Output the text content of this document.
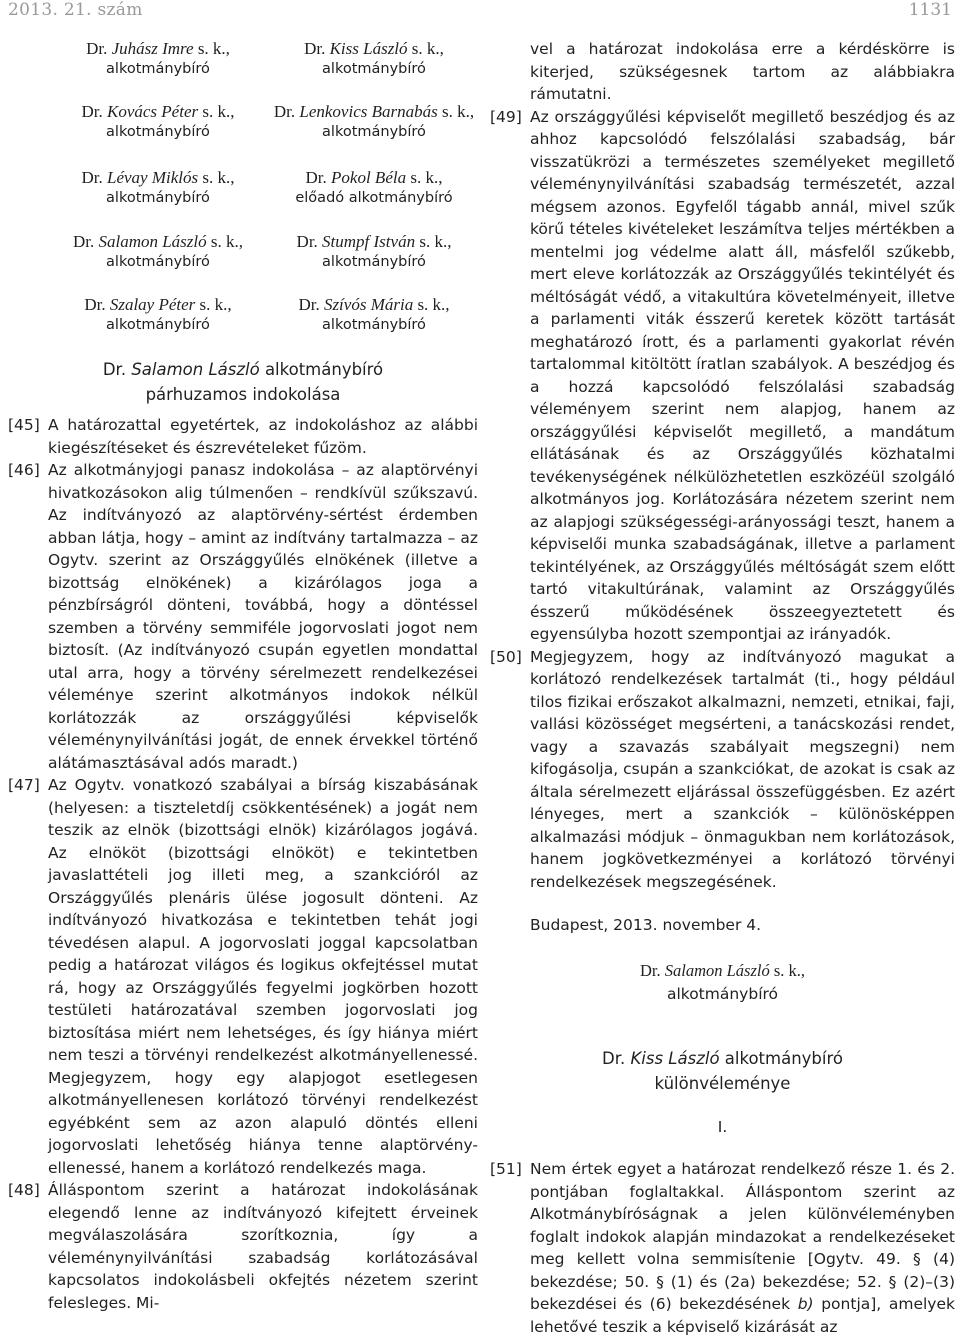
2013. 21. szám	1131
Dr. Juhász Imre s. k.,
alkotmánybíró
Dr. Kovács Péter s. k.,
alkotmánybíró
Dr. Lévay Miklós s. k.,
alkotmánybíró
Dr. Salamon László s. k.,
alkotmánybíró
Dr. Szalay Péter s. k.,
alkotmánybíró
Dr. Kiss László s. k.,
alkotmánybíró
Dr. Lenkovics Barnabás s. k.,
alkotmánybíró
Dr. Pokol Béla s. k.,
előadó alkotmánybíró
Dr. Stumpf István s. k.,
alkotmánybíró
Dr. Szívós Mária s. k.,
alkotmánybíró
Dr. Salamon László alkotmánybíró
párhuzamos indokolása
[45] A határozattal egyetértek, az indokoláshoz az alábbi kiegészítéseket és észrevételeket fűzöm.
[46] Az alkotmányjogi panasz indokolása – az alaptörvényi hivatkozásokon alig túlmenően – rendkívül szűkszavú. Az indítványozó az alaptörvény-sértést érdemben abban látja, hogy – amint az indítvány tartalmazza – az Ogytv. szerint az Országgyűlés elnökének (illetve a bizottság elnökének) a kizárólagos joga a pénzbírságról dönteni, továbbá, hogy a döntéssel szemben a törvény semmiféle jogorvoslati jogot nem biztosít. (Az indítványozó csupán egyetlen mondattal utal arra, hogy a törvény sérelmezett rendelkezései véleménye szerint alkotmányos indokok nélkül korlátozzák az országgyűlési képviselők véleménynyilvánítási jogát, de ennek érvekkel történő alátámasztásával adós maradt.)
[47] Az Ogytv. vonatkozó szabályai a bírság kiszabásának (helyesen: a tiszteletdíj csökkentésének) a jogát nem teszik az elnök (bizottsági elnök) kizárólagos jogává. Az elnököt (bizottsági elnököt) e tekintetben javaslattételi jog illeti meg, a szankcióról az Országgyűlés plenáris ülése jogosult dönteni. Az indítványozó hivatkozása e tekintetben tehát jogi tévedésen alapul. A jogorvoslati joggal kapcsolatban pedig a határozat világos és logikus okfejtéssel mutat rá, hogy az Országgyűlés fegyelmi jogkörben hozott testületi határozatával szemben jogorvoslati jog biztosítása miért nem lehetséges, és így hiánya miért nem teszi a törvényi rendelkezést alkotmányellenessé. Megjegyzem, hogy egy alapjogot esetlegesen alkotmányellenesen korlátozó törvényi rendelkezést egyébként sem az azon alapuló döntés elleni jogorvoslati lehetőség hiánya tenne alaptörvény-ellenessé, hanem a korlátozó rendelkezés maga.
[48] Álláspontom szerint a határozat indokolásának elegendő lenne az indítványozó kifejtett érveinek megválaszolására szorítkoznia, így a véleménynyilvánítási szabadság korlátozásával kapcsolatos indokolásbeli okfejtés nézetem szerint felesleges. Mi-
vel a határozat indokolása erre a kérdéskörre is kiterjed, szükségesnek tartom az alábbiakra rámutatni.
[49] Az országgyűlési képviselőt megillető beszédjog és az ahhoz kapcsolódó felszólalási szabadság, bár visszatükrözi a természetes személyeket megillető véleménynyilvánítási szabadság természetét, azzal mégsem azonos. Egyfelől tágabb annál, mivel szűk körű tételes kivételeket leszámítva teljes mértékben a mentelmi jog védelme alatt áll, másfelől szűkebb, mert eleve korlátozzák az Országgyűlés tekintélyét és méltóságát védő, a vitakultúra követelményeit, illetve a parlamenti viták ésszerű keretek között tartását meghatározó írott, és a parlamenti gyakorlat révén tartalommal kitöltött íratlan szabályok. A beszédjog és a hozzá kapcsolódó felszólalási szabadság véleményem szerint nem alapjog, hanem az országgyűlési képviselőt megillető, a mandátum ellátásának és az Országgyűlés közhatalmi tevékenységének nélkülözhetetlen eszközéül szolgáló alkotmányos jog. Korlátozására nézetem szerint nem az alapjogi szükségességi-arányossági teszt, hanem a képviselői munka szabadságának, illetve a parlament tekintélyének, az Országgyűlés méltóságát szem előtt tartó vitakultúrának, valamint az Országgyűlés ésszerű működésének összeegyeztetett és egyensúlyba hozott szempontjai az irányadók.
[50] Megjegyzem, hogy az indítványozó magukat a korlátozó rendelkezések tartalmát (ti., hogy például tilos fizikai erőszakot alkalmazni, nemzeti, etnikai, faji, vallási közösséget megsérteni, a tanácskozási rendet, vagy a szavazás szabályait megszegni) nem kifogásolja, csupán a szankciókat, de azokat is csak az általa sérelmezett eljárással összefüggésben. Ez azért lényeges, mert a szankciók – különösképpen alkalmazási módjuk – önmagukban nem korlátozások, hanem jogkövetkezményei a korlátozó törvényi rendelkezések megszegésének.
Budapest, 2013. november 4.
Dr. Salamon László s. k.,
alkotmánybíró
Dr. Kiss László alkotmánybíró
különvéleménye
I.
[51] Nem értek egyet a határozat rendelkező része 1. és 2. pontjában foglaltakkal. Álláspontom szerint az Alkotmánybíróságnak a jelen különvéleményben foglalt indokok alapján mindazokat a rendelkezéseket meg kellett volna semmisítenie [Ogytv. 49. § (4) bekezdése; 50. § (1) és (2a) bekezdése; 52. § (2)–(3) bekezdései és (6) bekezdésének b) pontja], amelyek lehetővé teszik a képviselő kizárását az
